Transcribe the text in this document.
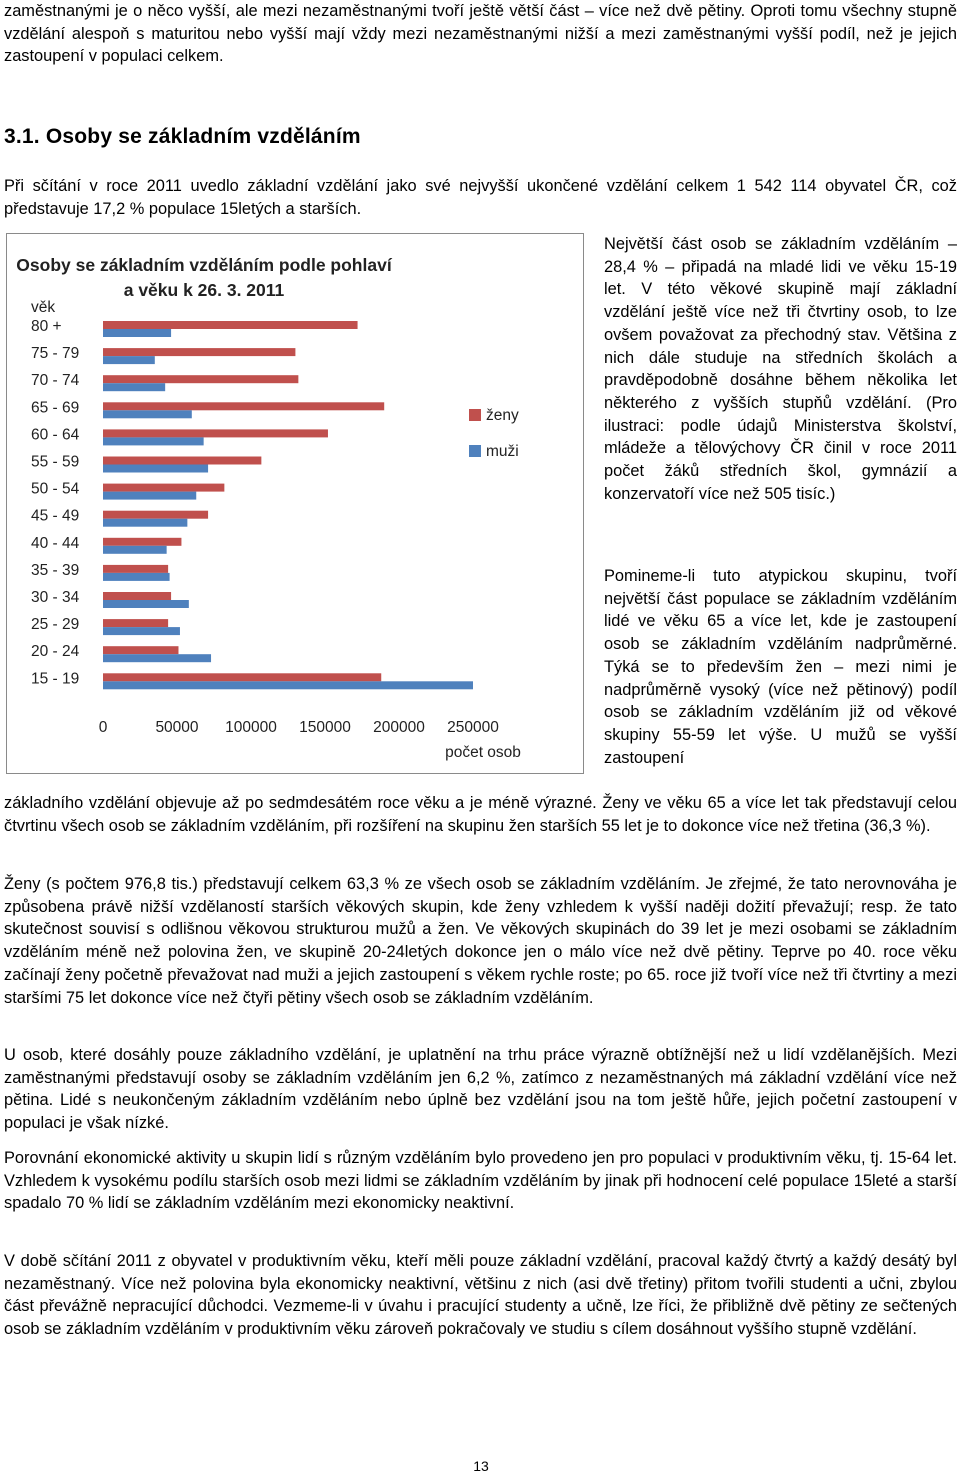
zaměstnanými je o něco vyšší, ale mezi nezaměstnanými tvoří ještě větší část – více než dvě pětiny. Oproti tomu všechny stupně vzdělání alespoň s maturitou nebo vyšší mají vždy mezi nezaměstnanými nižší a mezi zaměstnanými vyšší podíl, než je jejich zastoupení v populaci celkem.

3.1. Osoby se základním vzděláním

Při sčítání v roce 2011 uvedlo základní vzdělání jako své nejvyšší ukončené vzdělání celkem 1 542 114 obyvatel ČR, což představuje 17,2 % populace 15letých a starších.

Osoby se základním vzděláním podle pohlaví
a věku k 26. 3. 2011
věk
počet osob
80 +
75 - 79
70 - 74
65 - 69
60 - 64
55 - 59
50 - 54
45 - 49
40 - 44
35 - 39
30 - 34
25 - 29
20 - 24
15 - 19
0	50000 100000 150000 200000 250000
ženy
muži

Největší část osob se základním vzděláním – 28,4 % – připadá na mladé lidi ve věku 15-19 let. V této věkové skupině mají základní vzdělání ještě více než tři čtvrtiny osob, to lze ovšem považovat za přechodný stav. Většina z nich dále studuje na středních školách a pravděpodobně dosáhne během několika let některého z vyšších stupňů vzdělání. (Pro ilustraci: podle údajů Ministerstva školství, mládeže a tělovýchovy ČR činil v roce 2011 počet žáků středních škol, gymnázií a konzervatoří více než 505 tisíc.)

Pomineme-li tuto atypickou skupinu, tvoří největší část populace se základním vzděláním lidé ve věku 65 a více let, kde je zastoupení osob se základním vzděláním nadprůměrné. Týká se to především žen – mezi nimi je nadprůměrně vysoký (více než pětinový) podíl osob se základním vzděláním již od věkové skupiny 55-59 let výše. U mužů se vyšší zastoupení

základního vzdělání objevuje až po sedmdesátém roce věku a je méně výrazné. Ženy ve věku 65 a více let tak představují celou čtvrtinu všech osob se základním vzděláním, při rozšíření na skupinu žen starších 55 let je to dokonce více než třetina (36,3 %).

Ženy (s počtem 976,8 tis.) představují celkem 63,3 % ze všech osob se základním vzděláním. Je zřejmé, že tato nerovnováha je způsobena právě nižší vzdělaností starších věkových skupin, kde ženy vzhledem k vyšší naději dožití převažují; resp. že tato skutečnost souvisí s odlišnou věkovou strukturou mužů a žen. Ve věkových skupinách do 39 let je mezi osobami se základním vzděláním méně než polovina žen, ve skupině 20-24letých dokonce jen o málo více než dvě pětiny. Teprve po 40. roce věku začínají ženy početně převažovat nad muži a jejich zastoupení s věkem rychle roste; po 65. roce již tvoří více než tři čtvrtiny a mezi staršími 75 let dokonce více než čtyři pětiny všech osob se základním vzděláním.

U osob, které dosáhly pouze základního vzdělání, je uplatnění na trhu práce výrazně obtížnější než u lidí vzdělanějších. Mezi zaměstnanými představují osoby se základním vzděláním jen 6,2 %, zatímco z nezaměstnaných má základní vzdělání více než pětina. Lidé s neukončeným základním vzděláním nebo úplně bez vzdělání jsou na tom ještě hůře, jejich početní zastoupení v populaci je však nízké.

Porovnání ekonomické aktivity u skupin lidí s různým vzděláním bylo provedeno jen pro populaci v produktivním věku, tj. 15-64 let. Vzhledem k vysokému podílu starších osob mezi lidmi se základním vzděláním by jinak při hodnocení celé populace 15leté a starší spadalo 70 % lidí se základním vzděláním mezi ekonomicky neaktivní.

V době sčítání 2011 z obyvatel v produktivním věku, kteří měli pouze základní vzdělání, pracoval každý čtvrtý a každý desátý byl nezaměstnaný. Více než polovina byla ekonomicky neaktivní, většinu z nich (asi dvě třetiny) přitom tvořili studenti a učni, zbylou část převážně nepracující důchodci. Vezmeme-li v úvahu i pracující studenty a učně, lze říci, že přibližně dvě pětiny ze sečtených osob se základním vzděláním v produktivním věku zároveň pokračovaly ve studiu s cílem dosáhnout vyššího stupně vzdělání.

13
